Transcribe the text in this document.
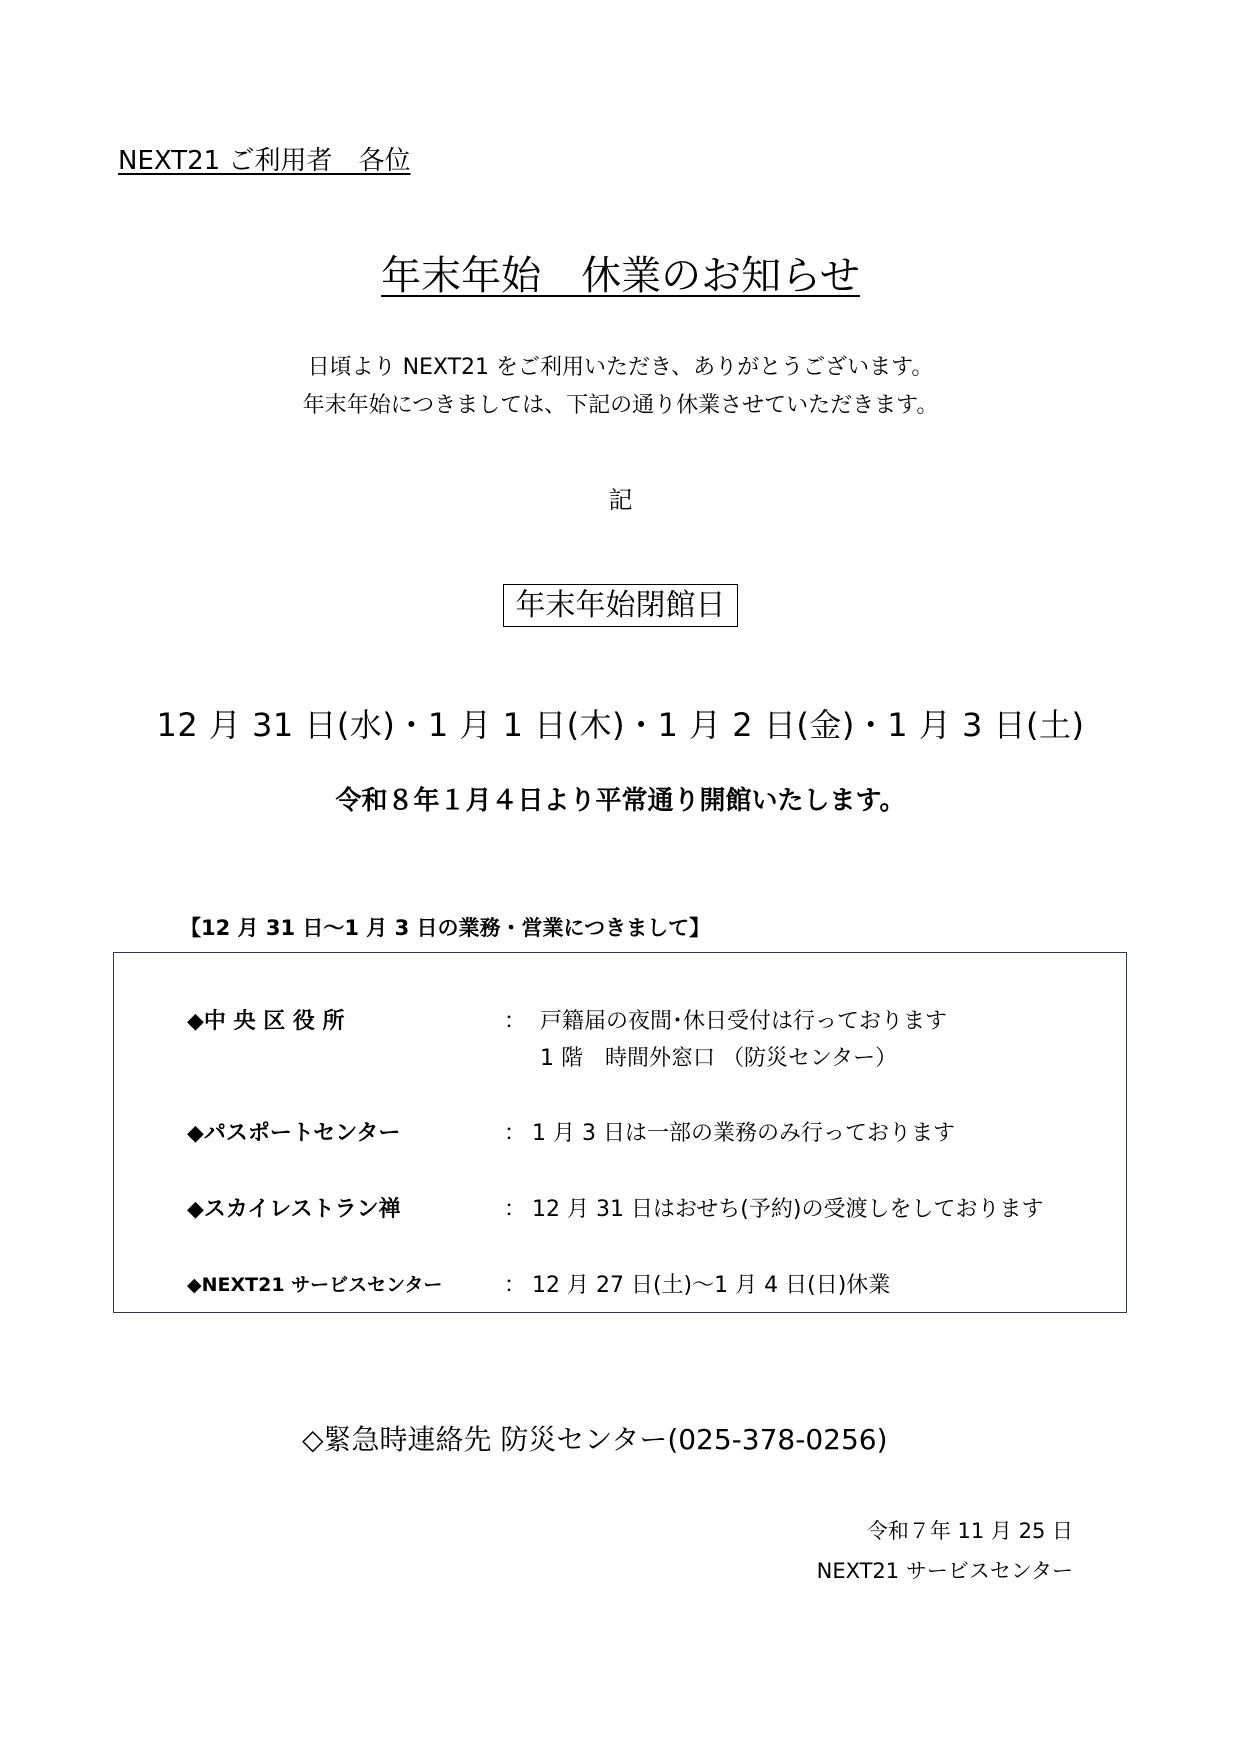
NEXT21 ご利用者　各位
年末年始　休業のお知らせ
日頃より NEXT21 をご利用いただき、ありがとうございます。
年末年始につきましては、下記の通り休業させていただきます。
記
年末年始閉館日
12 月 31 日(水)・1 月 1 日(木)・1 月 2 日(金)・1 月 3 日(土)
令和８年１月４日より平常通り開館いたします。
【12 月 31 日～1 月 3 日の業務・営業につきまして】
◆中 央 区 役 所	： 戸籍届の夜間･休日受付は行っております
1 階　時間外窓口 （防災センター）
◆パスポートセンター	： 1 月 3 日は一部の業務のみ行っております
◆スカイレストラン禅	： 12 月 31 日はおせち(予約)の受渡しをしております
◆NEXT21 サービスセンター	： 12 月 27 日(土)～1 月 4 日(日)休業
◇緊急時連絡先 防災センター(025-378-0256)
令和７年 11 月 25 日
NEXT21 サービスセンター
